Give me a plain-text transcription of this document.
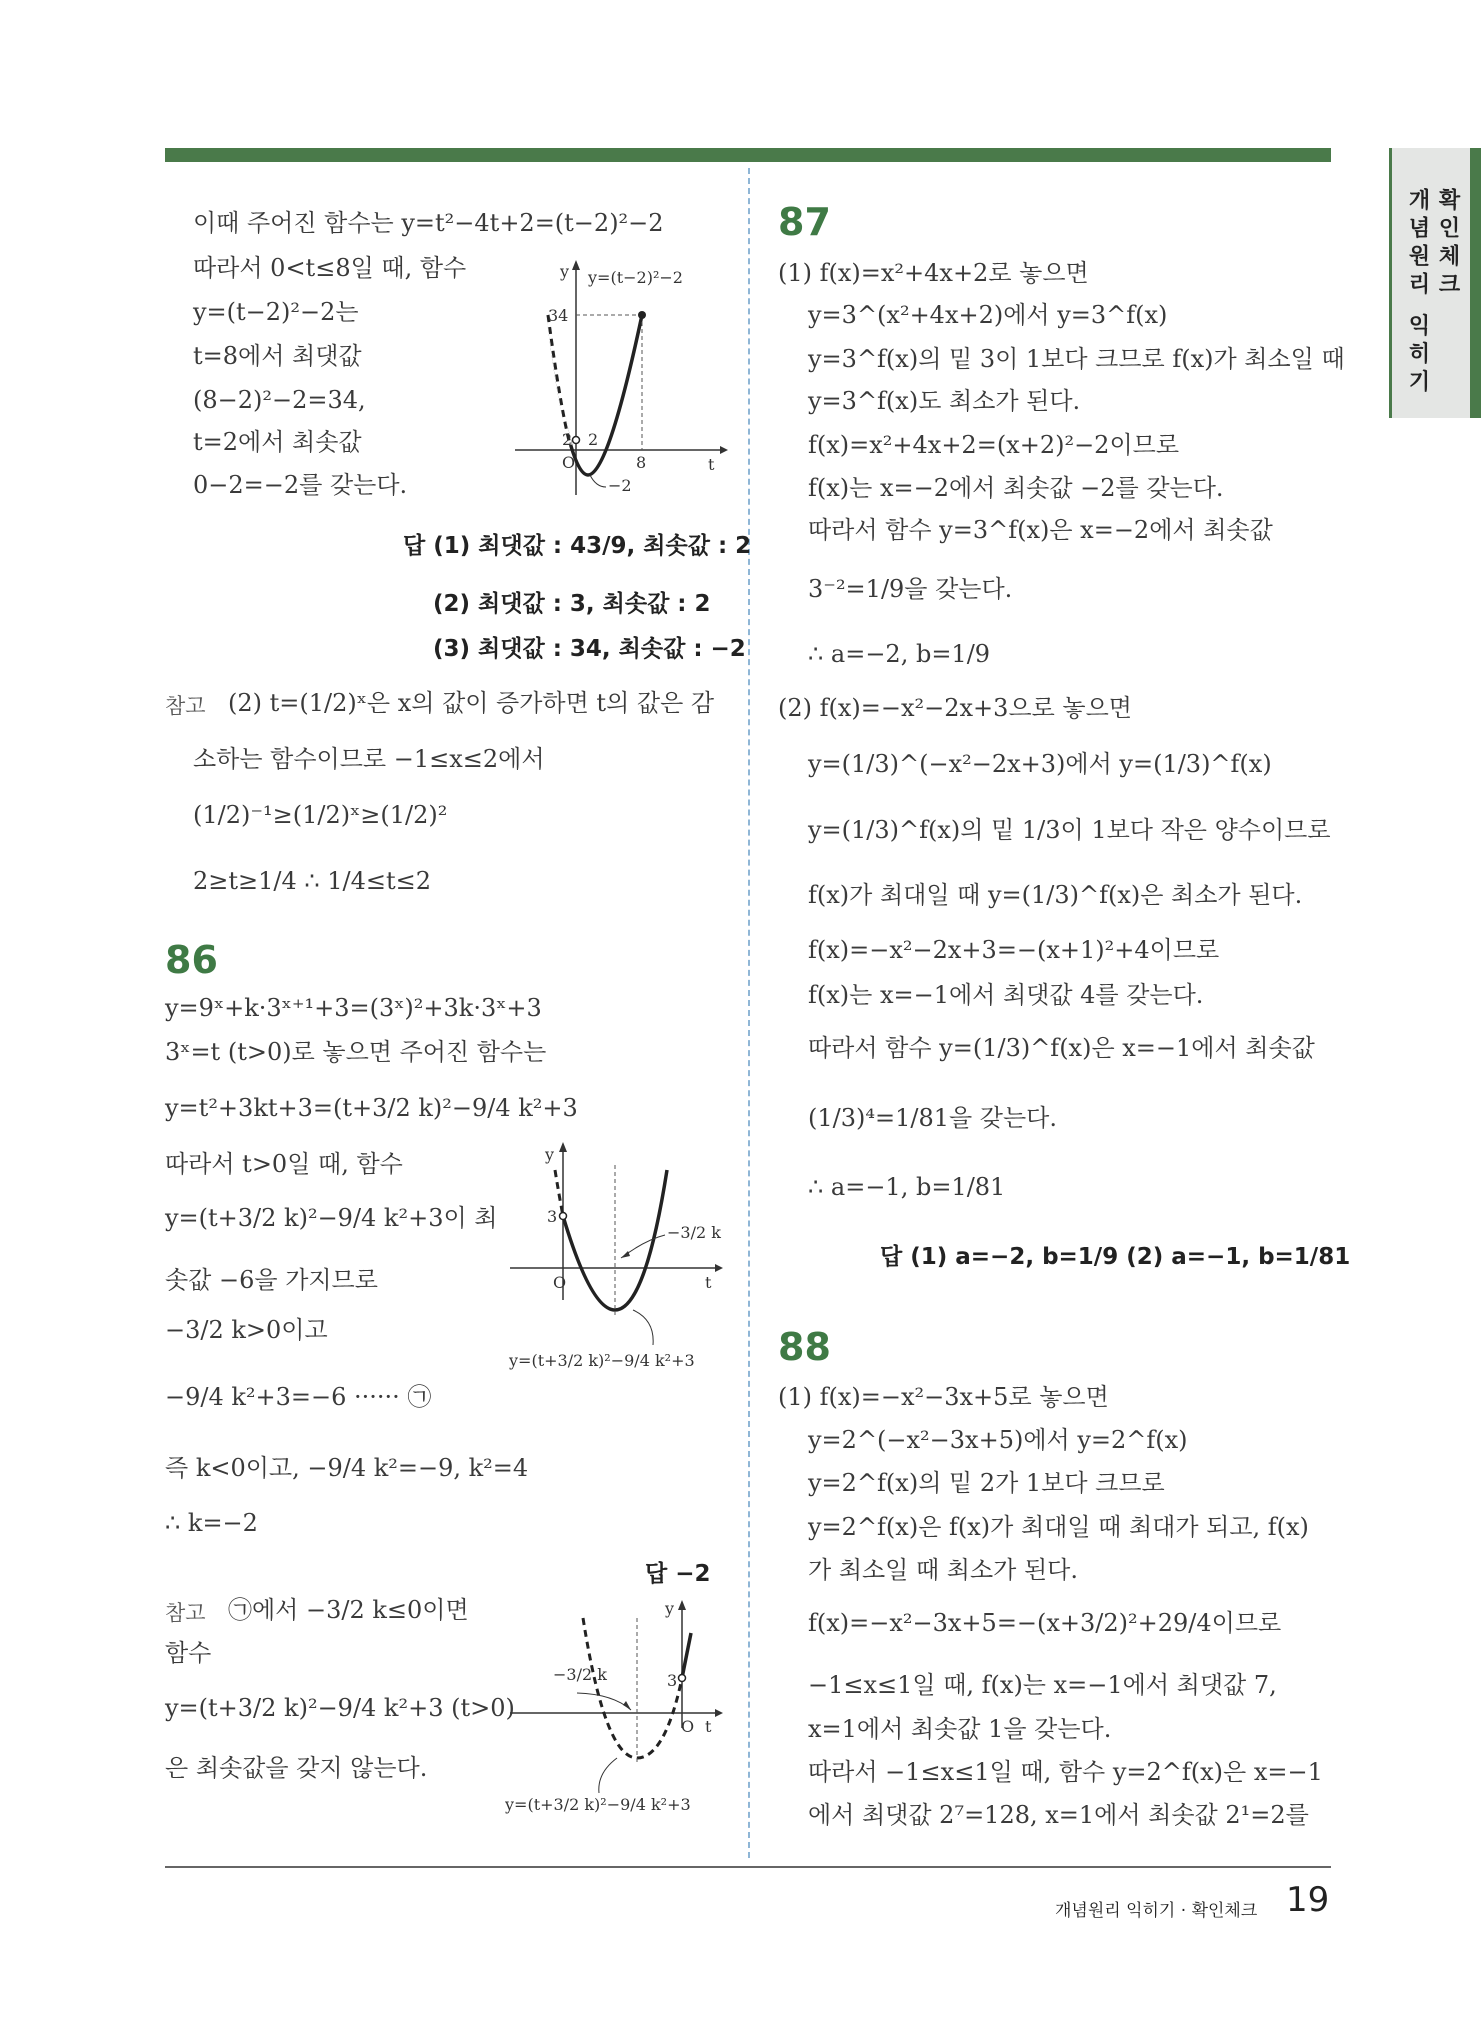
개념원리 익히기 확인체크
개념원리 익히기 · 확인체크 19
이때 주어진 함수는 y=t²−4t+2=(t−2)²−2
따라서 0<t≤8일 때, 함수
y=(t−2)²−2는
t=8에서 최댓값
(8−2)²−2=34,
t=2에서 최솟값
0−2=−2를 갖는다.
y y=(t−2)²−2
34
2 2
O	8
−2
t
답 (1) 최댓값 : 43/9, 최솟값 : 2
(2) 최댓값 : 3, 최솟값 : 2
(3) 최댓값 : 34, 최솟값 : −2
참고 (2) t=(1/2)ˣ은 x의 값이 증가하면 t의 값은 감
소하는 함수이므로 −1≤x≤2에서
(1/2)⁻¹≥(1/2)ˣ≥(1/2)²
2≥t≥1/4 ∴ 1/4≤t≤2
86
y=9ˣ+k·3ˣ⁺¹+3=(3ˣ)²+3k·3ˣ+3
3ˣ=t (t>0)로 놓으면 주어진 함수는
y=t²+3kt+3=(t+3/2 k)²−9/4 k²+3
따라서 t>0일 때, 함수
y=(t+3/2 k)²−9/4 k²+3이 최
솟값 −6을 가지므로
−3/2 k>0이고
−9/4 k²+3=−6 ······ ㉠
즉 k<0이고, −9/4 k²=−9, k²=4
∴ k=−2
y
3
O	t
−3/2 k
y=(t+3/2 k)²−9/4 k²+3
답 −2
참고 ㉠에서 −3/2 k≤0이면
함수
y=(t+3/2 k)²−9/4 k²+3 (t>0)
은 최솟값을 갖지 않는다.
y
3
O t
−3/2 k
y=(t+3/2 k)²−9/4 k²+3
87
(1) f(x)=x²+4x+2로 놓으면
y=3^(x²+4x+2)에서 y=3^f(x)
y=3^f(x)의 밑 3이 1보다 크므로 f(x)가 최소일 때
y=3^f(x)도 최소가 된다.
f(x)=x²+4x+2=(x+2)²−2이므로
f(x)는 x=−2에서 최솟값 −2를 갖는다.
따라서 함수 y=3^f(x)은 x=−2에서 최솟값
3⁻²=1/9을 갖는다.
∴ a=−2, b=1/9
(2) f(x)=−x²−2x+3으로 놓으면
y=(1/3)^(−x²−2x+3)에서 y=(1/3)^f(x)
y=(1/3)^f(x)의 밑 1/3이 1보다 작은 양수이므로
f(x)가 최대일 때 y=(1/3)^f(x)은 최소가 된다.
f(x)=−x²−2x+3=−(x+1)²+4이므로
f(x)는 x=−1에서 최댓값 4를 갖는다.
따라서 함수 y=(1/3)^f(x)은 x=−1에서 최솟값
(1/3)⁴=1/81을 갖는다.
∴ a=−1, b=1/81
답 (1) a=−2, b=1/9 (2) a=−1, b=1/81
88
(1) f(x)=−x²−3x+5로 놓으면
y=2^(−x²−3x+5)에서 y=2^f(x)
y=2^f(x)의 밑 2가 1보다 크므로
y=2^f(x)은 f(x)가 최대일 때 최대가 되고, f(x)
가 최소일 때 최소가 된다.
f(x)=−x²−3x+5=−(x+3/2)²+29/4이므로
−1≤x≤1일 때, f(x)는 x=−1에서 최댓값 7,
x=1에서 최솟값 1을 갖는다.
따라서 −1≤x≤1일 때, 함수 y=2^f(x)은 x=−1
에서 최댓값 2⁷=128, x=1에서 최솟값 2¹=2를
